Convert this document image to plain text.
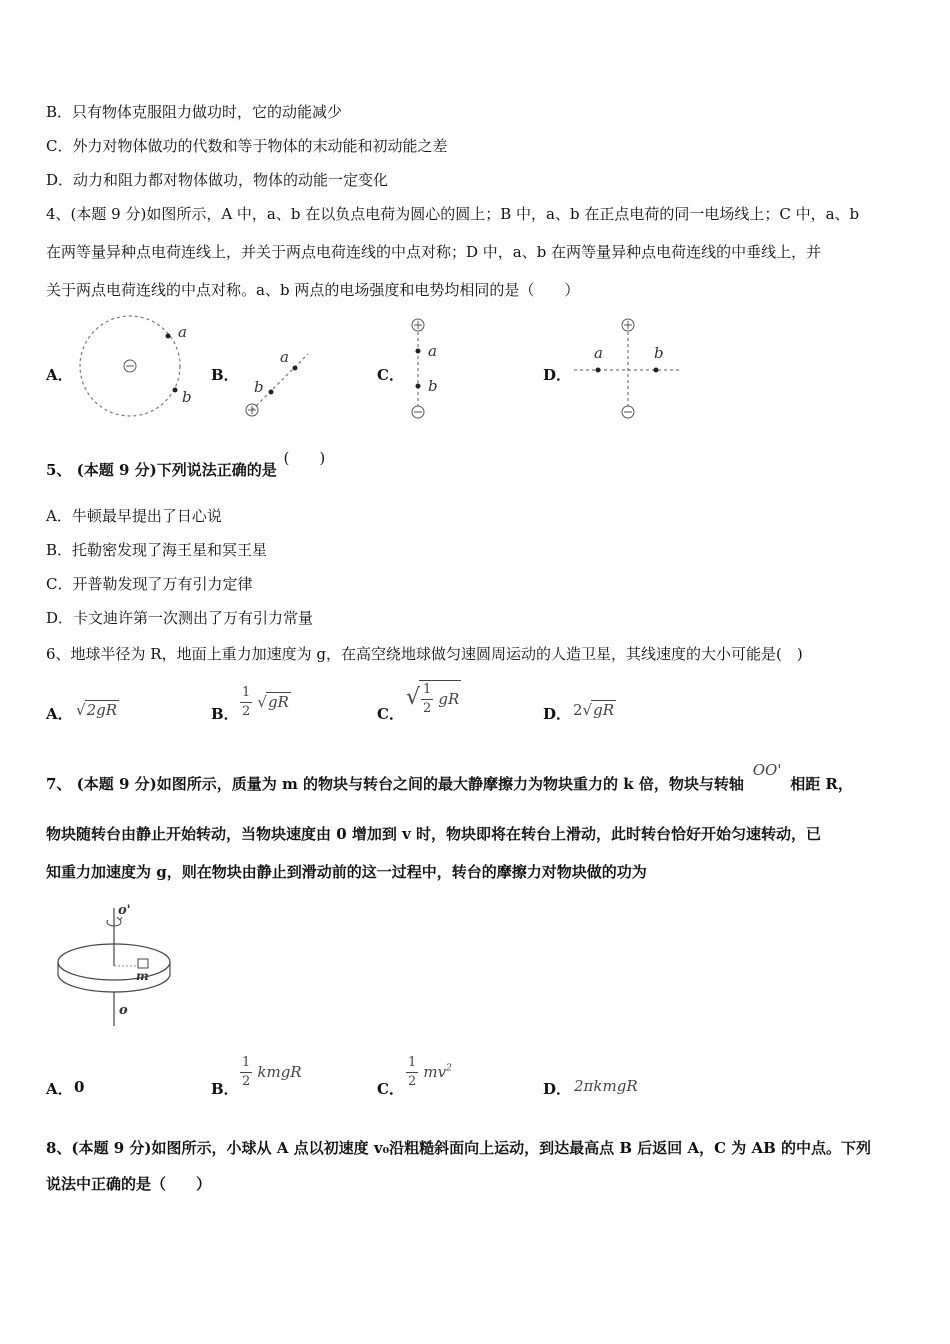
B．只有物体克服阻力做功时，它的动能减少
C．外力对物体做功的代数和等于物体的末动能和初动能之差
D．动力和阻力都对物体做功，物体的动能一定变化
4、(本题 9 分)如图所示，A 中，a、b 在以负点电荷为圆心的圆上；B 中，a、b 在正点电荷的同一电场线上；C 中，a、b
在两等量异种点电荷连线上，并关于两点电荷连线的中点对称；D 中，a、b 在两等量异种点电荷连线的中垂线上，并
关于两点电荷连线的中点对称。a、b 两点的电场强度和电势均相同的是（　　）
A．	B．	C．	D．
a
b
b
a	a
b
a	b
5、 (本题 9 分)下列说法正确的是 (　　)
A．牛顿最早提出了日心说
B．托勒密发现了海王星和冥王星
C．开普勒发现了万有引力定律
D．卡文迪许第一次测出了万有引力常量
6、地球半径为 R，地面上重力加速度为 g，在高空绕地球做匀速圆周运动的人造卫星，其线速度的大小可能是(　)
A． √2gR	B． $\frac{1}{2} √gR$
C．
√ $\frac{1}{2}$ gR
D． 2√gR
7、 (本题 9 分)如图所示，质量为 m 的物块与转台之间的最大静摩擦力为物块重力的 k 倍，物块与转轴 OO' 相距 R，
物块随转台由静止开始转动，当物块速度由 0 增加到 v 时，物块即将在转台上滑动，此时转台恰好开始匀速转动，已
知重力加速度为 g，则在物块由静止到滑动前的这一过程中，转台的摩擦力对物块做的功为
o'
m
o
A． 0	B． $\frac{1}{2}$ kmgR
C． $\frac{1}{2} mv^2$
D． 2πkmgR
8、(本题 9 分)如图所示，小球从 A 点以初速度 v₀沿粗糙斜面向上运动，到达最高点 B 后返回 A，C 为 AB 的中点。下列
说法中正确的是（　　）
